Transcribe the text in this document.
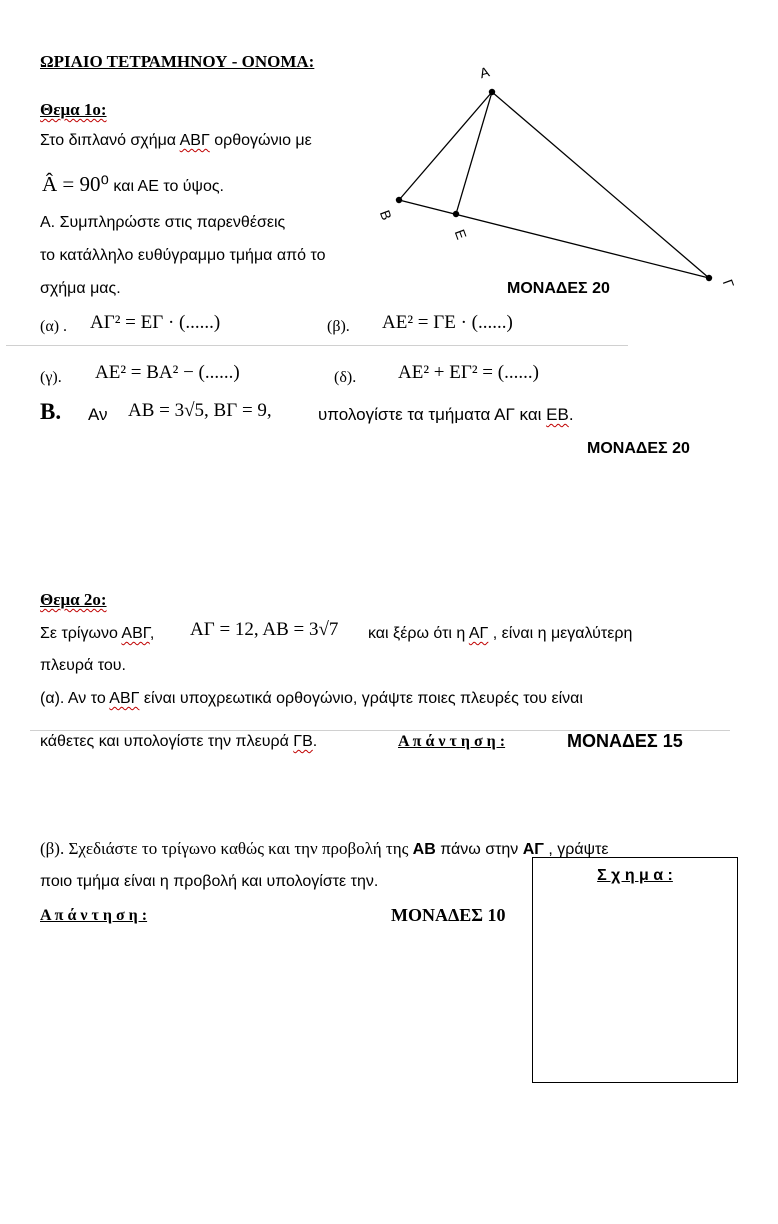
ΩΡΙΑΙΟ ΤΕΤΡΑΜΗΝΟΥ - ΟΝΟΜΑ:
A
B
E
Γ
Θεμα 1ο:
Στο διπλανό σχήμα ΑΒΓ ορθογώνιο με
Â = 90⁰ και ΑΕ το ύψος.
Α. Συμπληρώστε στις παρενθέσεις
το κατάλληλο ευθύγραμμο τμήμα από το
σχήμα μας.	ΜΟΝΑΔΕΣ 20
(α) . ΑΓ² = ΕΓ · (......)	(β). ΑΕ² = ΓΕ · (......)
(γ). ΑΕ² = ΒΑ² − (......)	(δ). ΑΕ² + ΕΓ² = (......)
Β. Αν ΑΒ = 3√5, ΒΓ = 9,	υπολογίστε τα τμήματα ΑΓ και ΕΒ.
ΜΟΝΑΔΕΣ 20
Θεμα 2ο:
Σε τρίγωνο ΑΒΓ, ΑΓ = 12, ΑΒ = 3√7 και ξέρω ότι η ΑΓ , είναι η μεγαλύτερη
πλευρά του.
(α). Αν το ΑΒΓ είναι υποχρεωτικά ορθογώνιο, γράψτε ποιες πλευρές του είναι
κάθετες και υπολογίστε την πλευρά ΓΒ.	Α π ά ν τ η σ η :	ΜΟΝΑΔΕΣ 15
(β). Σχεδιάστε το τρίγωνο καθώς και την προβολή της ΑΒ πάνω στην ΑΓ , γράψτε
ποιο τμήμα είναι η προβολή και υπολογίστε την.
Α π ά ν τ η σ η :	ΜΟΝΑΔΕΣ 10
Σ χ η μ α :
